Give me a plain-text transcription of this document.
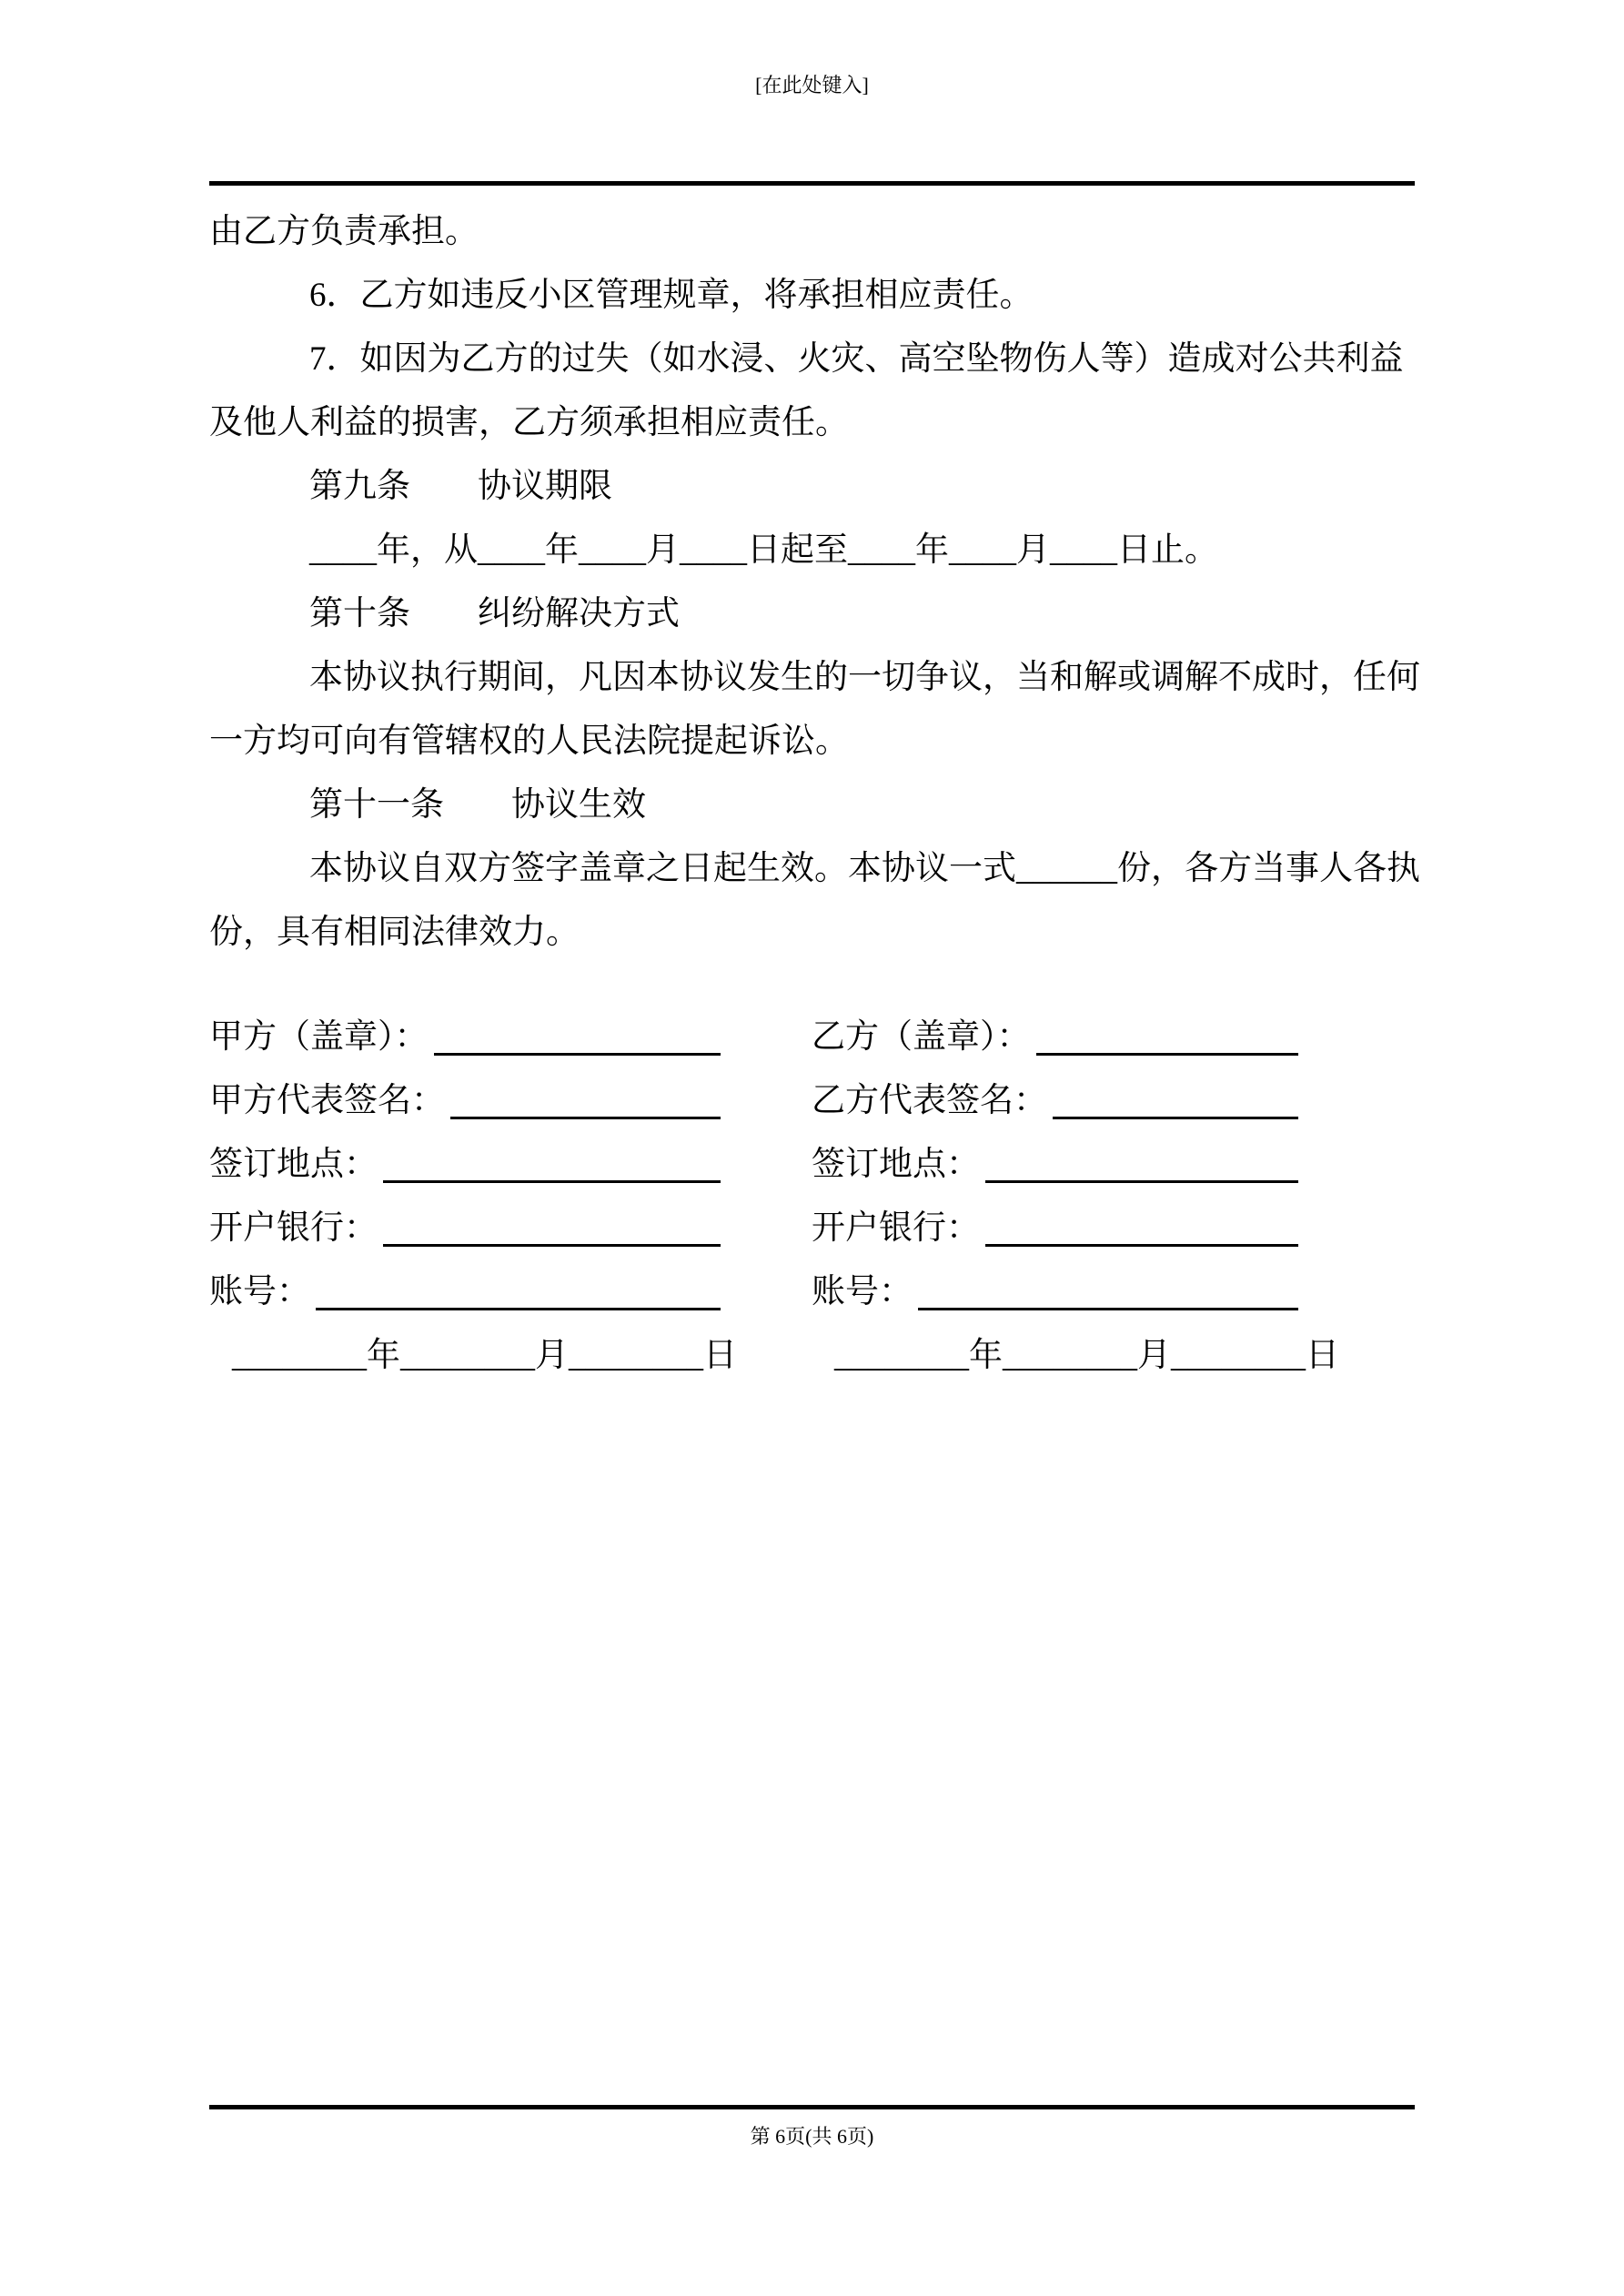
[在此处键入]
由乙方负责承担。
6．乙方如违反小区管理规章，将承担相应责任。
7．如因为乙方的过失（如水浸、火灾、高空坠物伤人等）造成对公共利益
及他人利益的损害，乙方须承担相应责任。
第九条　　协议期限
____年，从____年____月____日起至____年____月____日止。
第十条　　纠纷解决方式
本协议执行期间，凡因本协议发生的一切争议，当和解或调解不成时，任何
一方均可向有管辖权的人民法院提起诉讼。
第十一条　　协议生效
本协议自双方签字盖章之日起生效。本协议一式______份，各方当事人各执
份，具有相同法律效力。
甲方（盖章）：	乙方（盖章）：
甲方代表签名：	乙方代表签名：
签订地点：	签订地点：
开户银行：	开户银行：
账号：	账号：
________年________月________日	________年________月________日
第 6页(共 6页)
